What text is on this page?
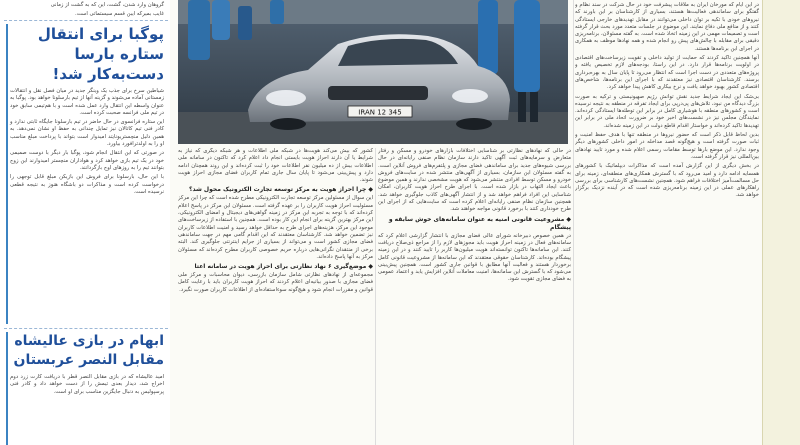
گروهان وارد شدن، گشت، این که به گشت از زمانی

غایب بمیرکه ایبن قسم سیستماتی است.

پوگبا برای انتقال ستاره بارسا دست‌به‌کار شد!

شیاطین سرخ برای جذب یک وینگر جدید در میان فصل نقل و انتقالات زمستانی آماده می‌شوند و گزینه آنها از تیم بارسلونا خواهد بود. پوگبا به عنوان واسطه این انتقال وارد عمل شده است و با هم‌تیمی سابق خود در تیم ملی فرانسه صحبت کرده است.

این ستاره فرانسوی در حال حاضر در تیم بارسلونا جایگاه ثابتی ندارد و کادر فنی تیم کاتالان نیز تمایل چندانی به حفظ او نشان نمی‌دهد. به همین دلیل منچستریونایتد امیدوار است بتواند با پرداخت مبلغ مناسب او را به اولدترافورد بیاورد.

در صورتی که این انتقال انجام شود، پوگبا بار دیگر با دوست صمیمی خود در یک تیم بازی خواهد کرد و هواداران منچستر امیدوارند این زوج بتوانند تیم را به روزهای اوج بازگردانند.

با این حال، بارسلونا برای فروش این بازیکن مبلغ قابل توجهی را درخواست کرده است و مذاکرات دو باشگاه هنوز به نتیجه قطعی نرسیده است.

ابهام در بازی عالیشاه مقابل النصر عربستان

امید عالیشاه که در بازی مقابل النصر قطر با دریافت کارت زرد دوم اخراج شد، دیدار بعدی تیمش را از دست خواهد داد و کادر فنی پرسپولیس به دنبال جایگزین مناسب برای او است.

IRAN 12 345

کشور که بیش می‌کند هویت‌ها در شبکه ملی اطلاعات و هر شبکه دیگری که نیاز به شرایط یا آن دارند احراز هویت بایستی انجام داد اعلام کرد که تاکنون در سامانه ملی اطلاعات بیش از ده میلیون نفر اطلاعات خود را ثبت کرده‌اند و این روند همچنان ادامه دارد و پیش‌بینی می‌شود تا پایان سال جاری تمام کاربران فضای مجازی احراز هویت شوند.

◆ چرا احراز هویت به مرکز توسعه تجارت الکترونیک محول شد؟

این سوال از مسئولین مرکز توسعه تجارت الکترونیکی مطرح شده است که چرا این مرکز مسئولیت احراز هویت کاربران را بر عهده گرفته است. مسئولان این مرکز در پاسخ اعلام کرده‌اند که با توجه به تجربه این مرکز در زمینه گواهی‌های دیجیتال و امضای الکترونیکی، این مرکز بهترین گزینه برای انجام این کار بوده است. همچنین با استفاده از زیرساخت‌های موجود این مرکز، هزینه‌های اجرای طرح به حداقل خواهد رسید و امنیت اطلاعات کاربران نیز تضمین خواهد شد. کارشناسان معتقدند که این اقدام گامی مهم در جهت ساماندهی فضای مجازی کشور است و می‌تواند از بسیاری از جرایم اینترنتی جلوگیری کند. البته برخی از منتقدان نگرانی‌هایی درباره حریم خصوصی کاربران مطرح کرده‌اند که مسئولان مرکز به آنها پاسخ داده‌اند.

◆ موضع‌گیری ۶ نهاد نظارتی برای احراز هویت در سامانه اعتا

مجموعه‌ای از نهادهای نظارتی شامل سازمان بازرسی، دیوان محاسبات و مرکز ملی فضای مجازی با صدور بیانیه‌ای اعلام کردند که احراز هویت کاربران باید با رعایت کامل قوانین و مقررات انجام شود و هیچ‌گونه سوءاستفاده‌ای از اطلاعات کاربران صورت نگیرد.

در حالی که نهادهای نظارتی بر شناسایی اختلافات بازارهای خودرو و مسکن و رفتار متعارض و سرمایه‌های ثبت آگهی تاکید دارند سازمان نظام صنفی رایانه‌ای در حال بررسی شیوه‌های جدید برای ساماندهی فضای مجازی و پلتفرم‌های فروش آنلاین است. به گفته مسئولان این سازمان، بسیاری از آگهی‌های منتشر شده در سایت‌های فروش خودرو و مسکن توسط افرادی منتشر می‌شود که هویت مشخصی ندارند و همین موضوع باعث ایجاد التهاب در بازار شده است. با اجرای طرح احراز هویت کاربران، امکان شناسایی این افراد فراهم خواهد شد و از انتشار آگهی‌های کاذب جلوگیری خواهد شد. همچنین سازمان نظام صنفی رایانه‌ای اعلام کرده است که سایت‌هایی که از اجرای این طرح خودداری کنند با برخورد قانونی مواجه خواهند شد.

◆ مشروعیت قانونی امنیه به عنوان سامانه‌های خوش سابقه و پیشگام

در همین خصوص دبیرخانه شورای عالی فضای مجازی با انتشار گزارشی اعلام کرد که سامانه‌های فعال در زمینه احراز هویت باید مجوزهای لازم را از مراجع ذی‌صلاح دریافت کنند. این سامانه‌ها تاکنون توانسته‌اند هویت میلیون‌ها کاربر را تایید کنند و در این زمینه پیشگام بوده‌اند. کارشناسان حقوقی معتقدند که این سامانه‌ها از مشروعیت قانونی کامل برخوردار هستند و فعالیت آنها مطابق با قوانین جاری کشور است. همچنین پیش‌بینی می‌شود که با گسترش این سامانه‌ها، امنیت معاملات آنلاین افزایش یابد و اعتماد عمومی به فضای مجازی تقویت شود.

در این ایام که مورخان ایران به ملاقات پیشرفت خود در حال شرکت در سند نظام و گفتگو برای ساماندهی فعالیت‌ها هستند، بسیاری از کارشناسان بر این باورند که نیروهای خودی با تکیه بر توان داخلی می‌توانند در مقابل تهدیدهای خارجی ایستادگی کنند و از منافع ملی دفاع نمایند. این موضوع در جلسات متعدد مورد بحث قرار گرفته است و تصمیمات مهمی در این زمینه اتخاذ شده است. به گفته مسئولان، برنامه‌ریزی دقیقی برای مقابله با چالش‌های پیش رو انجام شده و همه نهادها موظف به همکاری در اجرای این برنامه‌ها هستند.

آنها همچنین تاکید کردند که حمایت از تولید داخلی و تقویت زیرساخت‌های اقتصادی در اولویت برنامه‌ها قرار دارد. در این راستا، بودجه‌های لازم تخصیص یافته و پروژه‌های متعددی در دست اجرا است که انتظار می‌رود تا پایان سال به بهره‌برداری برسند. کارشناسان اقتصادی نیز معتقدند که با اجرای این برنامه‌ها، شاخص‌های اقتصادی کشور بهبود خواهد یافت و نرخ بیکاری کاهش پیدا خواهد کرد.

بی‌شک این ایجاد شرایط جدید نقش توانش رژیم صهیونیستی و ترکیه به صورت بزرگ دیدگاه من نبود، تلاش‌های پی‌درپی برای ایجاد تفرقه در منطقه به نتیجه نرسیده است و کشورهای منطقه با هوشیاری کامل در برابر این توطئه‌ها ایستادگی کرده‌اند. نمایندگان مجلس نیز در نشست‌های اخیر خود بر ضرورت اتحاد ملی در برابر این تهدیدها تاکید کرده‌اند و خواستار اقدام قاطع دولت در این زمینه شده‌اند.

بدین لحاظ قابل ذکر است که حضور نیروها در منطقه تنها با هدف حفظ امنیت و ثبات صورت گرفته است و هیچ‌گونه قصد مداخله در امور داخلی کشورهای دیگر وجود ندارد. این موضع بارها توسط مقامات رسمی اعلام شده و مورد تایید نهادهای بین‌المللی نیز قرار گرفته است.

در بخش دیگری از این گزارش آمده است که مذاکرات دیپلماتیک با کشورهای همسایه ادامه دارد و امید می‌رود که با گسترش همکاری‌های منطقه‌ای، زمینه برای حل مسالمت‌آمیز اختلافات فراهم شود. همچنین نشست‌های کارشناسی برای بررسی راهکارهای عملی در این زمینه برنامه‌ریزی شده است که در آینده نزدیک برگزار خواهد شد.
